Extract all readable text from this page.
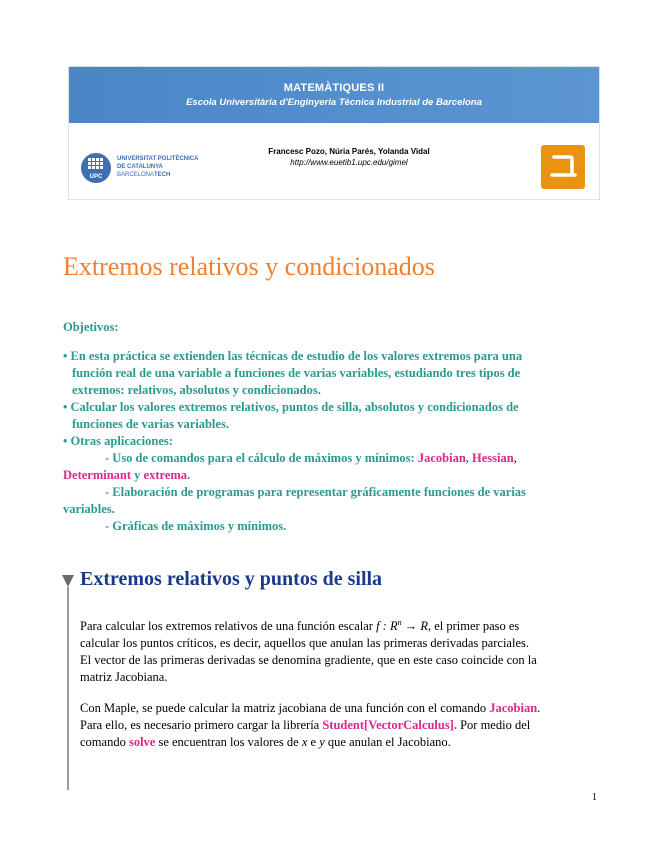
MATEMÀTIQUES II
Escola Universitària d'Enginyeria Tècnica Industrial de Barcelona
UPC
UNIVERSITAT POLITÈCNICA
DE CATALUNYA
BARCELONATECH
Francesc Pozo, Núria Parés, Yolanda Vidal
http://www.euetib1.upc.edu/gimel
Extremos relativos y condicionados
Objetivos:
• En esta práctica se extienden las técnicas de estudio de los valores extremos para una
función real de una variable a funciones de varias variables, estudiando tres tipos de
extremos: relativos, absolutos y condicionados.
• Calcular los valores extremos relativos, puntos de silla, absolutos y condicionados de
funciones de varias variables.
• Otras aplicaciones:
- Uso de comandos para el cálculo de máximos y mínimos: Jacobian, Hessian,
Determinant y extrema.
- Elaboración de programas para representar gráficamente funciones de varias
variables.
- Gráficas de máximos y mínimos.
Extremos relativos y puntos de silla

Para calcular los extremos relativos de una función escalar f : $R^n \to R$, el primer paso es
calcular los puntos críticos, es decir, aquellos que anulan las primeras derivadas parciales.
El vector de las primeras derivadas se denomina gradiente, que en este caso coincide con la
matriz Jacobiana.

Con Maple, se puede calcular la matriz jacobiana de una función con el comando Jacobian.
Para ello, es necesario primero cargar la librería Student[VectorCalculus]. Por medio del
comando solve se encuentran los valores de x e y que anulan el Jacobiano.

1
